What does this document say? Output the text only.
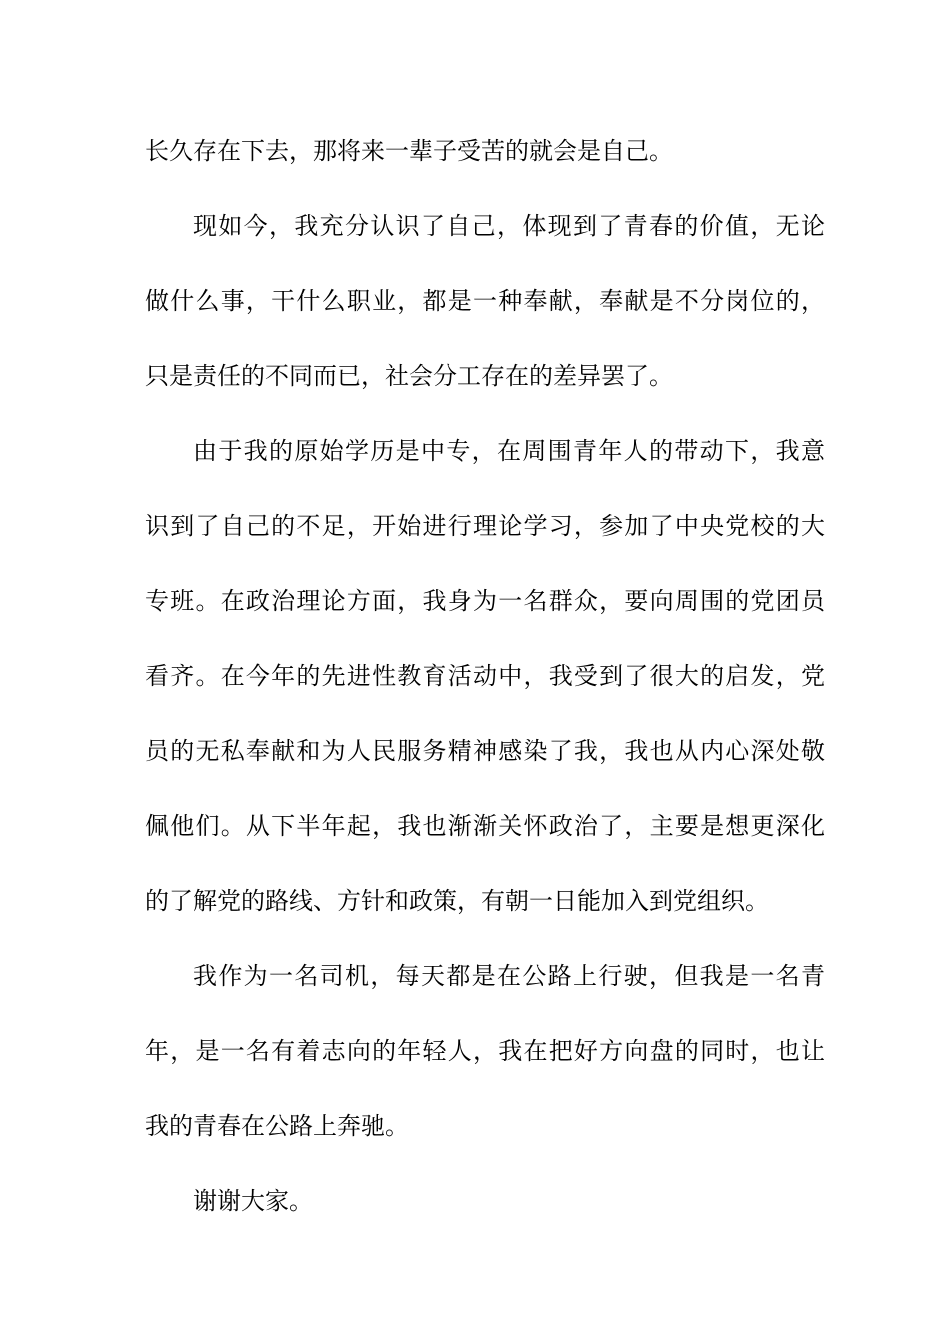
长久存在下去，那将来一辈子受苦的就会是自己。
现如今，我充分认识了自己，体现到了青春的价值，无论
做什么事，干什么职业，都是一种奉献，奉献是不分岗位的，
只是责任的不同而已，社会分工存在的差异罢了。
由于我的原始学历是中专，在周围青年人的带动下，我意
识到了自己的不足，开始进行理论学习，参加了中央党校的大
专班。在政治理论方面，我身为一名群众，要向周围的党团员
看齐。在今年的先进性教育活动中，我受到了很大的启发，党
员的无私奉献和为人民服务精神感染了我，我也从内心深处敬
佩他们。从下半年起，我也渐渐关怀政治了，主要是想更深化
的了解党的路线、方针和政策，有朝一日能加入到党组织。
我作为一名司机，每天都是在公路上行驶，但我是一名青
年，是一名有着志向的年轻人，我在把好方向盘的同时，也让
我的青春在公路上奔驰。
谢谢大家。
